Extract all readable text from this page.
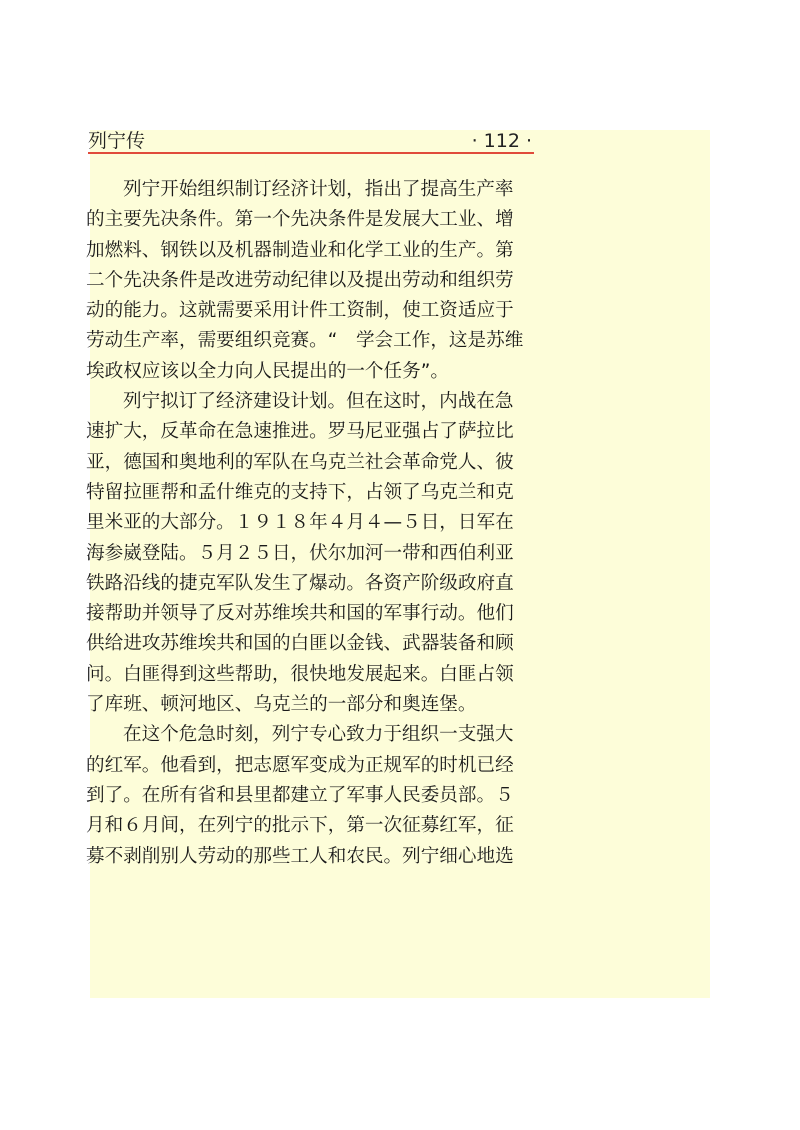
列宁传	· 112 ·
列宁开始组织制订经济计划，指出了提高生产率
的主要先决条件。第一个先决条件是发展大工业、增
加燃料、钢铁以及机器制造业和化学工业的生产。第
二个先决条件是改进劳动纪律以及提出劳动和组织劳
动的能力。这就需要采用计件工资制，使工资适应于
劳动生产率，需要组织竞赛。“　学会工作，这是苏维
埃政权应该以全力向人民提出的一个任务”。
列宁拟订了经济建设计划。但在这时，内战在急
速扩大，反革命在急速推进。罗马尼亚强占了萨拉比
亚，德国和奥地利的军队在乌克兰社会革命党人、彼
特留拉匪帮和孟什维克的支持下，占领了乌克兰和克
里米亚的大部分。１９１８年４月４—５日，日军在
海参崴登陆。５月２５日，伏尔加河一带和西伯利亚
铁路沿线的捷克军队发生了爆动。各资产阶级政府直
接帮助并领导了反对苏维埃共和国的军事行动。他们
供给进攻苏维埃共和国的白匪以金钱、武器装备和顾
问。白匪得到这些帮助，很快地发展起来。白匪占领
了库班、顿河地区、乌克兰的一部分和奥连堡。
在这个危急时刻，列宁专心致力于组织一支强大
的红军。他看到，把志愿军变成为正规军的时机已经
到了。在所有省和县里都建立了军事人民委员部。５
月和６月间，在列宁的批示下，第一次征募红军，征
募不剥削别人劳动的那些工人和农民。列宁细心地选
